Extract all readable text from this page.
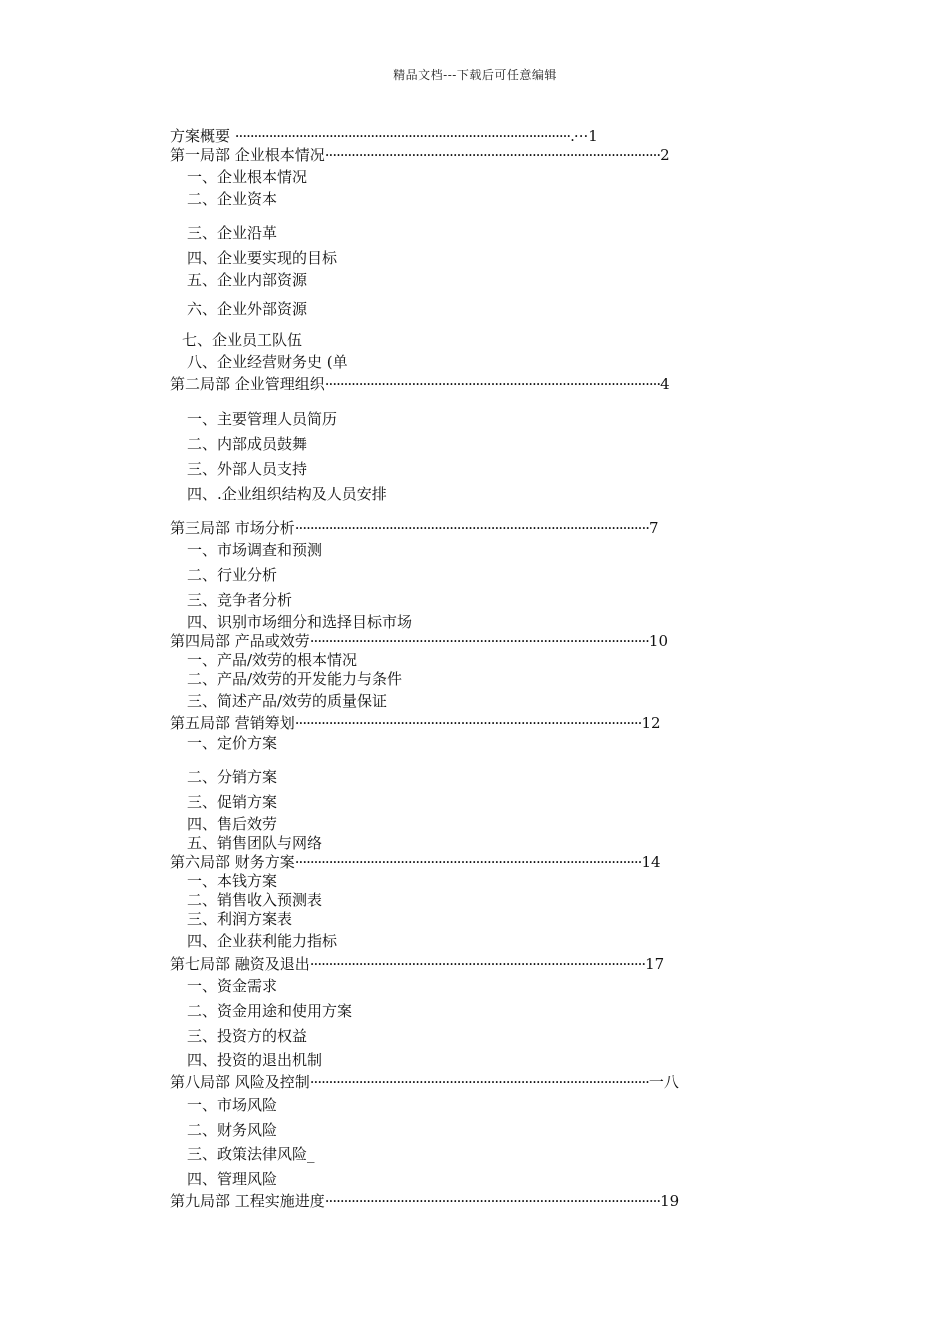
精品文档---下载后可任意编辑
方案概要 ·························································································.···1
第一局部 企业根本情况·························································································2
一、企业根本情况
二、企业资本
三、企业沿革
四、企业要实现的目标
五、企业内部资源
六、企业外部资源
七、企业员工队伍
八、企业经营财务史 (单
第二局部 企业管理组织·························································································4
一、主要管理人员简历
二、内部成员鼓舞
三、外部人员支持
四、.企业组织结构及人员安排
第三局部 市场分析······························································································7
一、市场调查和预测
二、行业分析
三、竞争者分析
四、识别市场细分和选择目标市场
第四局部 产品或效劳··························································································10
一、产品/效劳的根本情况
二、产品/效劳的开发能力与条件
三、简述产品/效劳的质量保证
第五局部 营销筹划····························································································12
一、定价方案
二、分销方案
三、促销方案
四、售后效劳
五、销售团队与网络
第六局部 财务方案····························································································14
一、本钱方案
二、销售收入预测表
三、利润方案表
四、企业获利能力指标
第七局部 融资及退出·························································································17
一、资金需求
二、资金用途和使用方案
三、投资方的权益
四、投资的退出机制
第八局部 风险及控制··························································································一八
一、市场风险
二、财务风险
三、政策法律风险_
四、管理风险
第九局部 工程实施进度·························································································19
